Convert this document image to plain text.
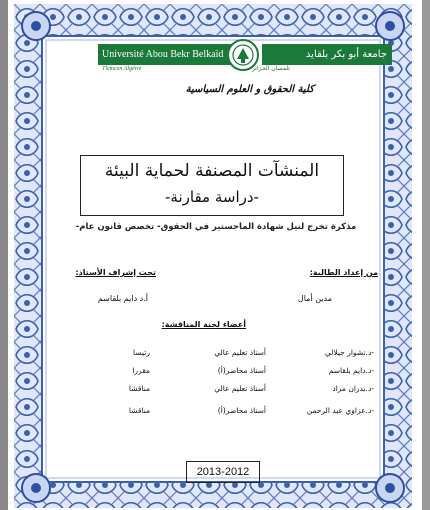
Université Abou Bekr Belkaïd	جامعة أبو بكر بلقايد
Tlemcen Algérie	تلمسان الجزائر
كلية الحقوق و العلوم السياسية
المنشآت المصنفة لحماية البيئة
-دراسة مقارنة-
مذكرة تخرج لنيل شهادة الماجستير في الحقوق- تخصص قانون عام-
من إعداد الطالبة:
مدين أمال
تحت إشراف الأستاذ:
أ.د دايم بلقاسم
أعضاء لجنة المناقشة:
-د.تشوار جيلالي
أستاذ تعليم عالي
رئيسا
-د.دايم بلقاسم
أستاذ محاضر(أ)
مقررا
-د.بدران مراد
أستاذ تعليم عالي
مناقشا
-د.عزاوي عبد الرحمن
أستاذ محاضر(أ)
مناقشا
2013-2012
